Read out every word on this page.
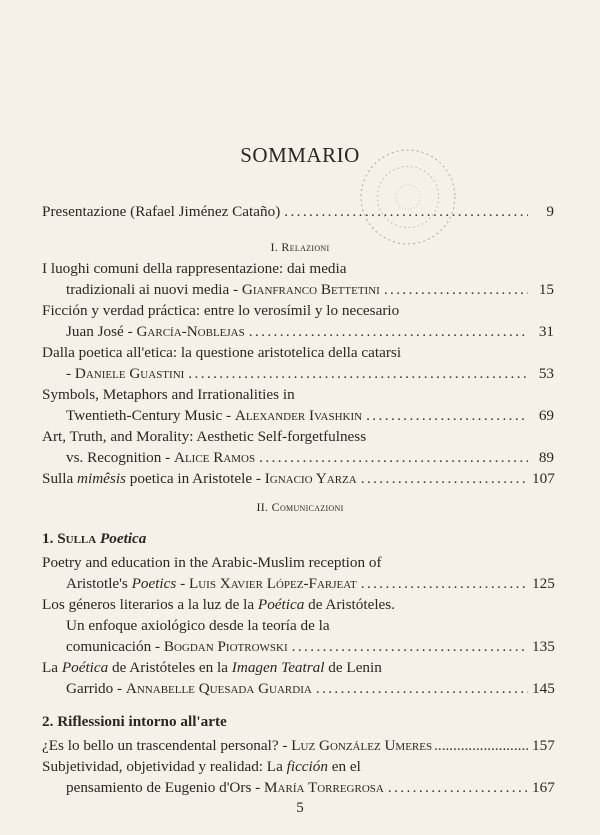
SOMMARIO
Presentazione (Rafael Jiménez Cataño) .....	9
I. Relazioni
I luoghi comuni della rappresentazione: dai media
tradizionali ai nuovi media - Gianfranco Bettetini .....	15
Ficción y verdad práctica: entre lo verosímil y lo necesario
Juan José - García-Noblejas .....	31
Dalla poetica all'etica: la questione aristotelica della catarsi
- Daniele Guastini .....	53
Symbols, Metaphors and Irrationalities in
Twentieth-Century Music - Alexander Ivashkin .....	69
Art, Truth, and Morality: Aesthetic Self-forgetfulness
vs. Recognition - Alice Ramos .....	89
Sulla mimêsis poetica in Aristotele - Ignacio Yarza .....	107
II. Comunicazioni
1. Sulla Poetica
Poetry and education in the Arabic-Muslim reception of
Aristotle's Poetics - Luis Xavier López-Farjeat .....	125
Los géneros literarios a la luz de la Poética de Aristóteles.
Un enfoque axiológico desde la teoría de la
comunicación - Bogdan Piotrowski .....	135
La Poética de Aristóteles en la Imagen Teatral de Lenin
Garrido - Annabelle Quesada Guardia .....	145
2. Riflessioni intorno all'arte
¿Es lo bello un trascendental personal? - Luz González Umeres .....	157
Subjetividad, objetividad y realidad: La ficción en el
pensamiento de Eugenio d'Ors - María Torregrosa .....	167
5
